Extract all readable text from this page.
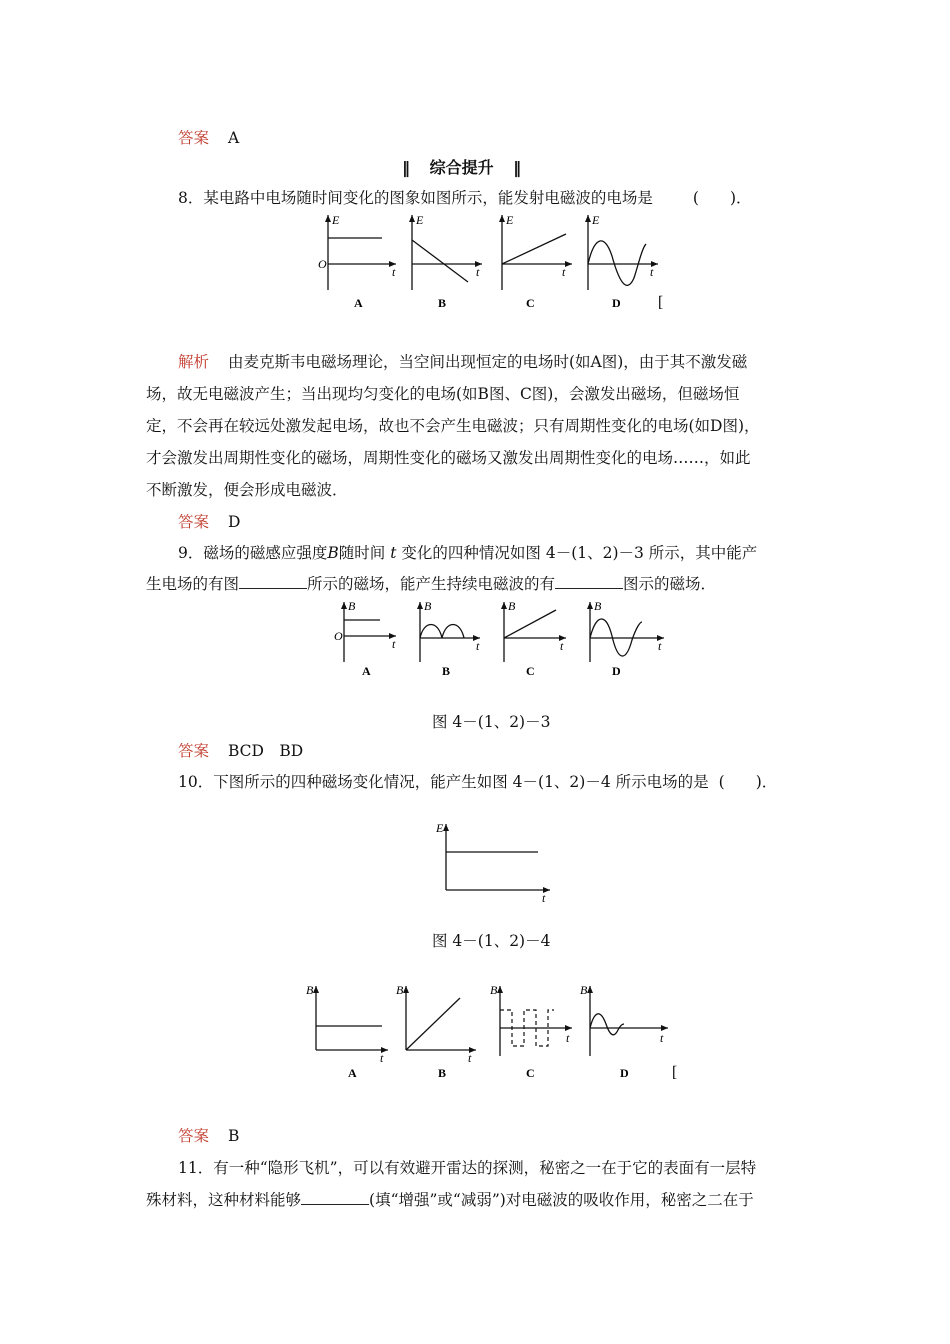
答案 A
‖ 综合提升 ‖
8．某电路中电场随时间变化的图象如图所示，能发射电磁波的电场是	(　　)．
E
O
t
A
E
t
B
E
t
C
E
t
D [
解析 由麦克斯韦电磁场理论，当空间出现恒定的电场时(如A图)，由于其不激发磁
场，故无电磁波产生；当出现均匀变化的电场(如B图、C图)，会激发出磁场，但磁场恒
定，不会再在较远处激发起电场，故也不会产生电磁波；只有周期性变化的电场(如D图)，
才会激发出周期性变化的磁场，周期性变化的磁场又激发出周期性变化的电场……，如此
不断激发，便会形成电磁波．
答案 D
9．磁场的磁感应强度B随时间 t 变化的四种情况如图 4－(1、2)－3 所示，其中能产
生电场的有图	所示的磁场，能产生持续电磁波的有	图示的磁场．
B
O
t
A
B
t
B
B
t
C
B
t
D
图 4－(1、2)－3
答案 BCD　BD
10．下图所示的四种磁场变化情况，能产生如图 4－(1、2)－4 所示电场的是 (　　)．
E
t
图 4－(1、2)－4
B
t
A
B
t
B
B
t
C
B
t
D	[
答案 B
11．有一种“隐形飞机”，可以有效避开雷达的探测，秘密之一在于它的表面有一层特
殊材料，这种材料能够	(填“增强”或“减弱”)对电磁波的吸收作用，秘密之二在于
